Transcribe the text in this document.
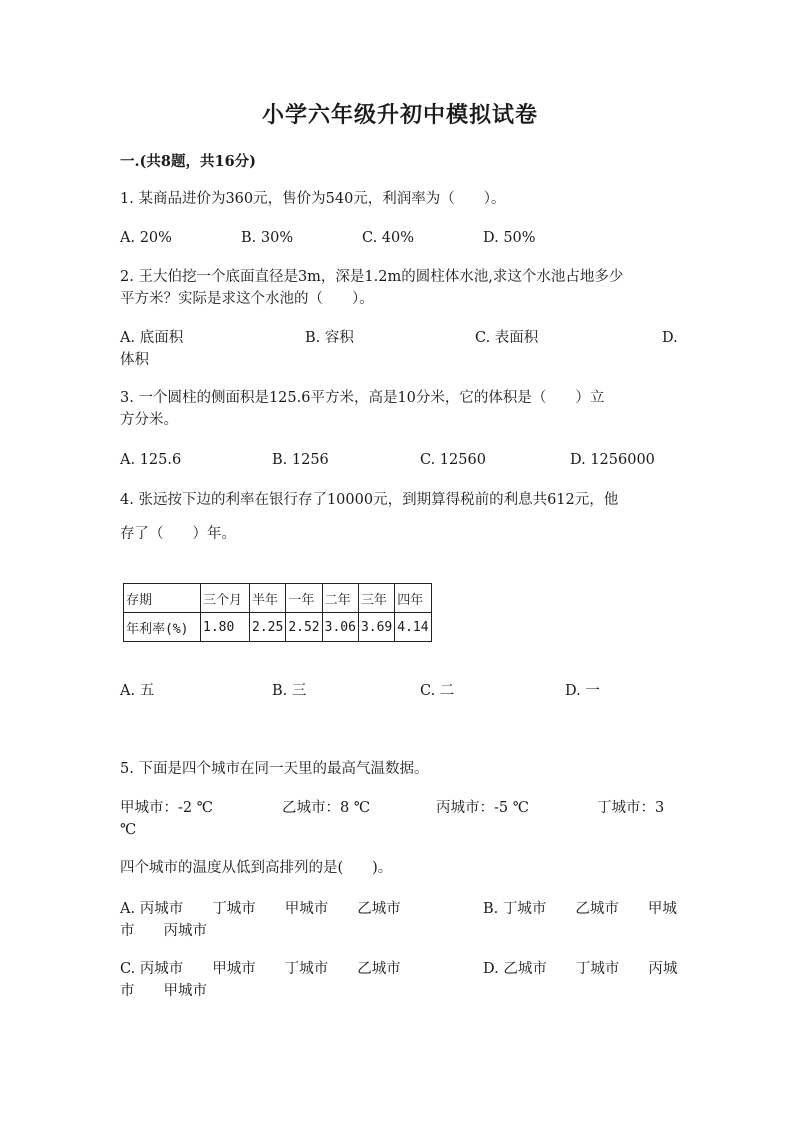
小学六年级升初中模拟试卷
一.(共8题，共16分)
1. 某商品进价为360元，售价为540元，利润率为（　　）。
A. 20%	B. 30%	C. 40%	D. 50%
2. 王大伯挖一个底面直径是3m，深是1.2m的圆柱体水池,求这个水池占地多少
平方米？实际是求这个水池的（　　）。
A. 底面积	B. 容积	C. 表面积	D.
体积
3. 一个圆柱的侧面积是125.6平方米，高是10分米，它的体积是（　　）立
方分米。
A. 125.6	B. 1256	C. 12560	D. 1256000
4. 张远按下边的利率在银行存了10000元，到期算得税前的利息共612元，他
存了（　　）年。
存期	三个月	半年	一年	二年	三年	四年
年利率(%)	1.80	2.25	2.52	3.06	3.69	4.14
A. 五	B. 三	C. 二	D. 一
5. 下面是四个城市在同一天里的最高气温数据。
甲城市：-2 ℃	乙城市：8 ℃	丙城市：-5 ℃	丁城市：3
℃
四个城市的温度从低到高排列的是(　　)。
A. 丙城市　　丁城市　　甲城市　　乙城市	B. 丁城市　　乙城市　　甲城
市　　丙城市
C. 丙城市　　甲城市　　丁城市　　乙城市	D. 乙城市　　丁城市　　丙城
市　　甲城市
